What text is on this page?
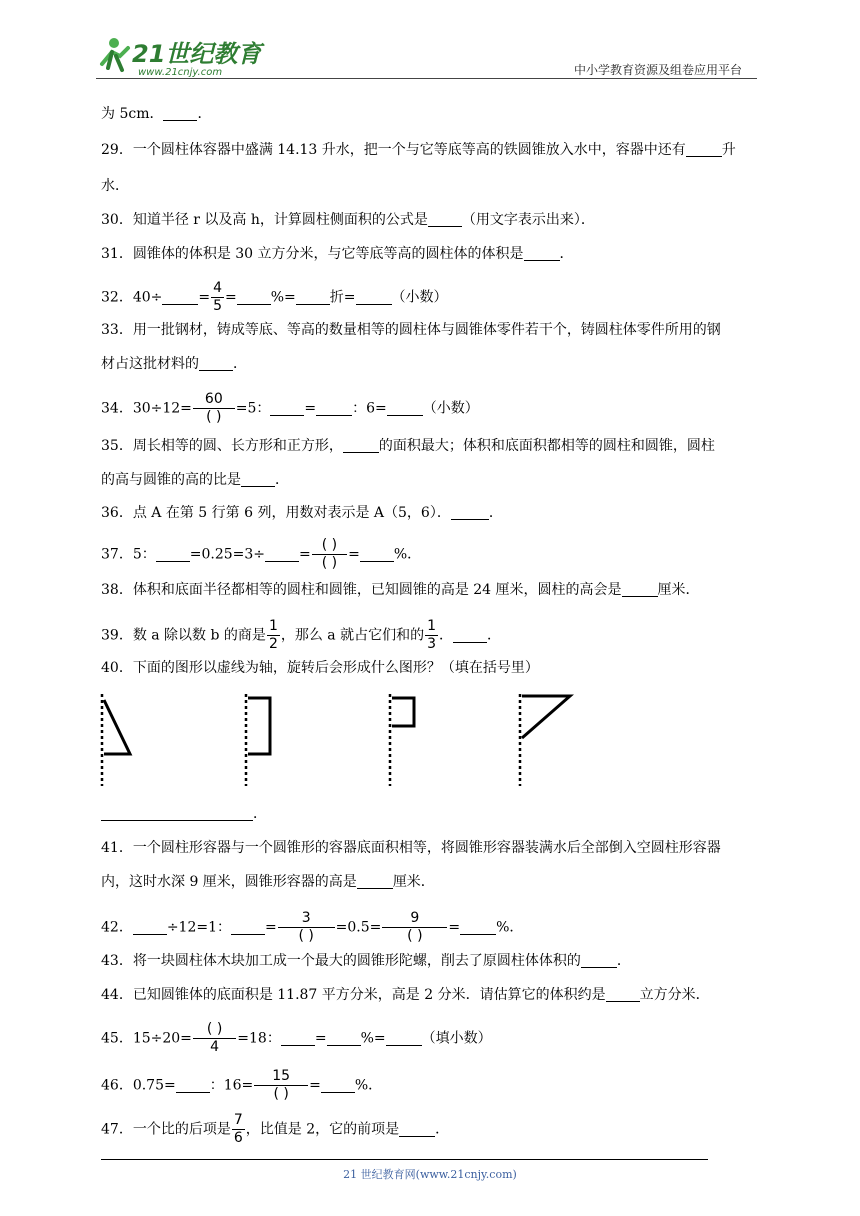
21世纪教育
www.21cnjy.com	中小学教育资源及组卷应用平台
为 5cm． ．
29．一个圆柱体容器中盛满 14.13 升水，把一个与它等底等高的铁圆锥放入水中，容器中还有	升
水．
30．知道半径 r 以及高 h，计算圆柱侧面积的公式是 （用文字表示出来）．
31．圆锥体的体积是 30 立方分米，与它等底等高的圆柱体的体积是	．
32．40÷	= $\frac{4}{5}$ = %= 折=	（小数）
33．用一批钢材，铸成等底、等高的数量相等的圆柱体与圆锥体零件若干个，铸圆柱体零件所用的钢
材占这批材料的 ．
34．$30\div 12= \frac{60}{( )} =5$： =	：6=	（小数）
35．周长相等的圆、长方形和正方形，	的面积最大；体积和底面积都相等的圆柱和圆锥，圆柱
的高与圆锥的高的比是 ．
36．点 A 在第 5 行第 6 列，用数对表示是 A（5，6）．	．
37．5： $=0.25=3\div = \frac{( )}{( )}$ = %．
38．体积和底面半径都相等的圆柱和圆锥，已知圆锥的高是 24 厘米，圆柱的高会是	厘米．
39．数 a 除以数 b 的商是 $\frac{1}{2}$ ，那么 a 就占它们和的 $\frac{1}{3}$ ． ．
40．下面的图形以虚线为轴，旋转后会形成什么图形？（填在括号里）
．
41．一个圆柱形容器与一个圆锥形的容器底面积相等，将圆锥形容器装满水后全部倒入空圆柱形容器
内，这时水深 9 厘米，圆锥形容器的高是	厘米．
42． ÷12=1： = $\frac{3}{( )} =0.5= \frac{9}{( )}$ =	%．
43．将一块圆柱体木块加工成一个最大的圆锥形陀螺，削去了原圆柱体体积的	．
44．已知圆锥体的底面积是 11.87 平方分米，高是 2 分米．请估算它的体积约是 立方分米．
45．$15\div 20= \frac{( )}{4} =18$： = %=	（填小数）
46．0.75= ：$16= \frac{15}{( )}$ = %．
47．一个比的后项是 $\frac{7}{6}$ ，比值是 2，它的前项是	．
21 世纪教育网(www.21cnjy.com)
